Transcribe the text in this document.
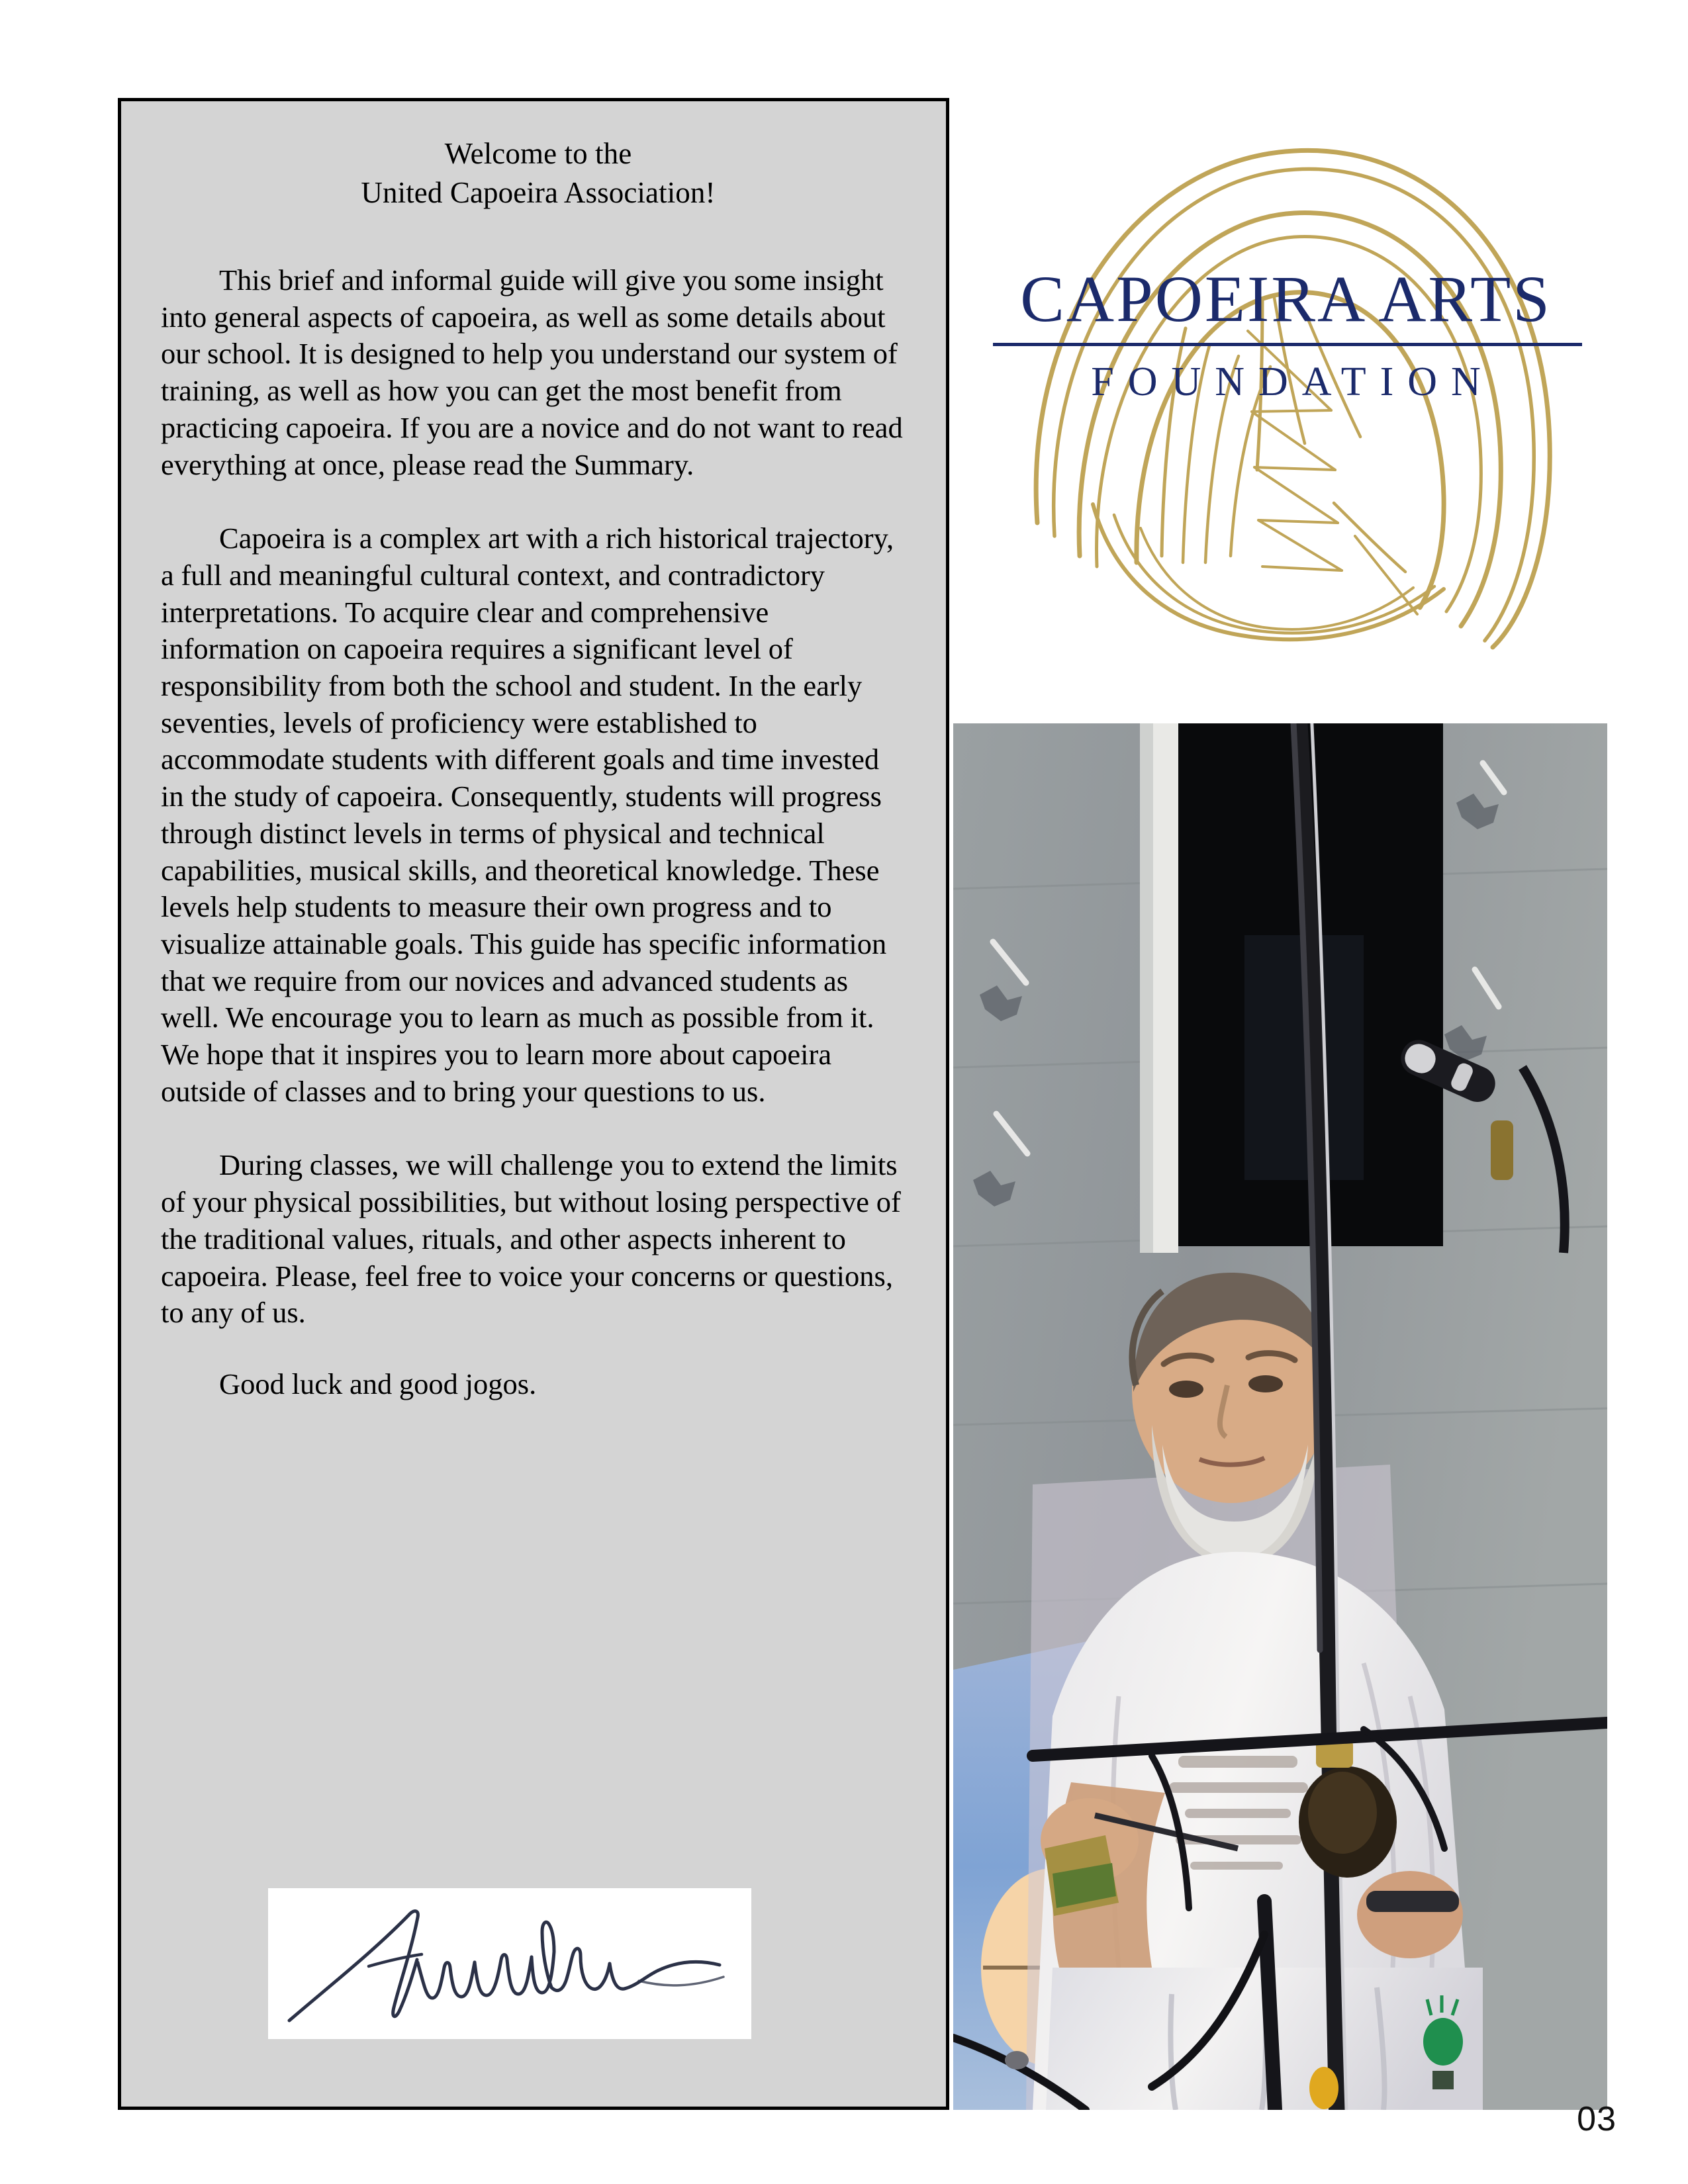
Welcome to the
United Capoeira Association!

This brief and informal guide will give you some insight into general aspects of capoeira, as well as some details about our school. It is designed to help you understand our system of training, as well as how you can get the most benefit from practicing capoeira. If you are a novice and do not want to read everything at once, please read the Summary.

Capoeira is a complex art with a rich historical trajectory, a full and meaningful cultural context, and contradictory interpretations. To acquire clear and comprehensive information on capoeira requires a significant level of responsibility from both the school and student. In the early seventies, levels of proficiency were established to accommodate students with different goals and time invested in the study of capoeira. Consequently, students will progress through distinct levels in terms of physical and technical capabilities, musical skills, and theoretical knowledge. These levels help students to measure their own progress and to visualize attainable goals. This guide has specific information that we require from our novices and advanced students as well. We encourage you to learn as much as possible from it. We hope that it inspires you to learn more about capoeira outside of classes and to bring your questions to us.

During classes, we will challenge you to extend the limits of your physical possibilities, but without losing perspective of the traditional values, rituals, and other aspects inherent to capoeira. Please, feel free to voice your concerns or questions, to any of us.

Good luck and good jogos.

CAPOEIRA ARTS
FOUNDATION
03
